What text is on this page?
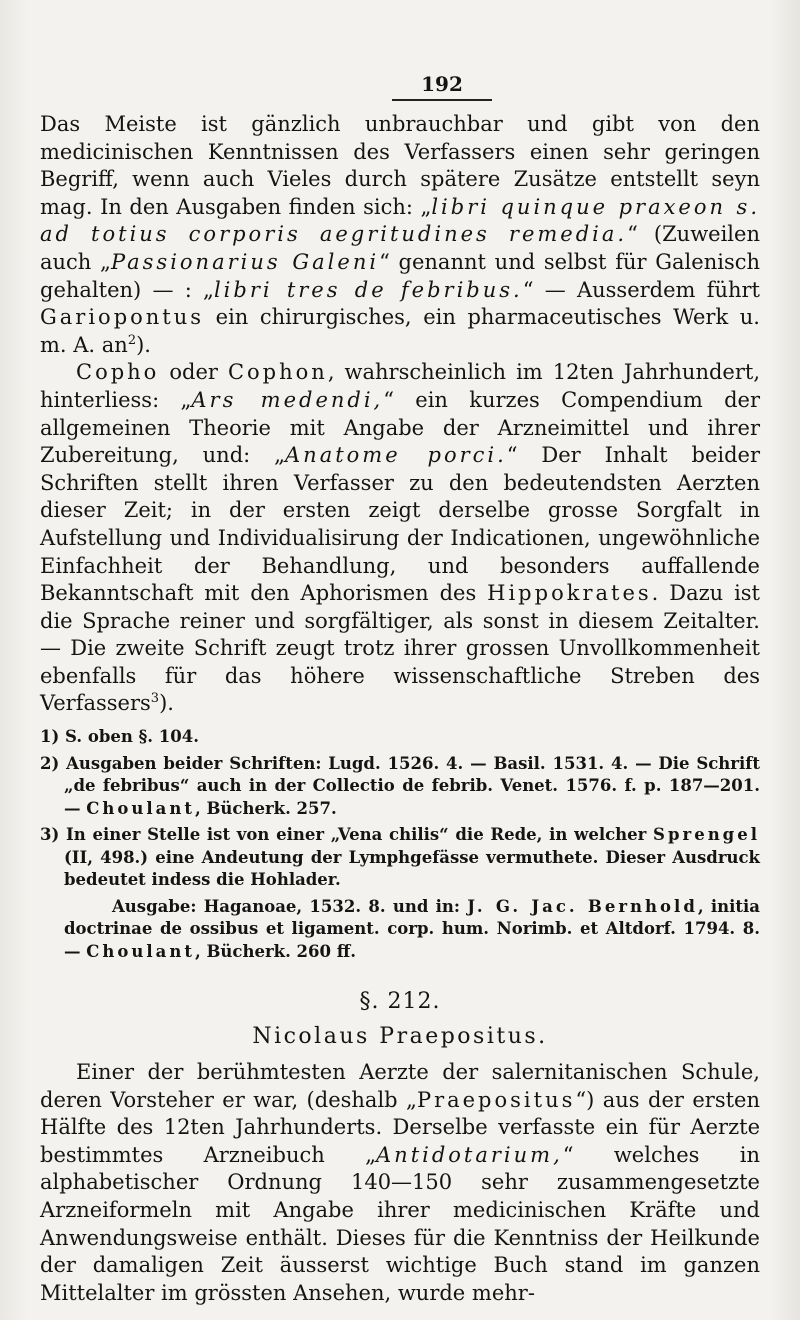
192

Das Meiste ist gänzlich unbrauchbar und gibt von den medicinischen Kenntnissen des Verfassers einen sehr geringen Begriff, wenn auch Vieles durch spätere Zusätze entstellt seyn mag. In den Ausgaben finden sich: „libri quinque praxeon s. ad totius corporis aegritudines remedia.“ (Zuweilen auch „Passionarius Galeni“ genannt und selbst für Galenisch gehalten) — : „libri tres de febribus.“ — Ausserdem führt Gariopontus ein chirurgisches, ein pharmaceutisches Werk u. m. A. $an^2$).

Copho oder Cophon, wahrscheinlich im 12ten Jahrhundert, hinterliess: „Ars medendi,“ ein kurzes Compendium der allgemeinen Theorie mit Angabe der Arzneimittel und ihrer Zubereitung, und: „Anatome porci.“ Der Inhalt beider Schriften stellt ihren Verfasser zu den bedeutendsten Aerzten dieser Zeit; in der ersten zeigt derselbe grosse Sorgfalt in Aufstellung und Individualisirung der Indicationen, ungewöhnliche Einfachheit der Behandlung, und besonders auffallende Bekanntschaft mit den Aphorismen des Hippokrates. Dazu ist die Sprache reiner und sorgfältiger, als sonst in diesem Zeitalter. — Die zweite Schrift zeugt trotz ihrer grossen Unvollkommenheit ebenfalls für das höhere wissenschaftliche Streben des Verfassers$^3$).

1) S. oben §. 104.

2) Ausgaben beider Schriften: Lugd. 1526. 4. — Basil. 1531. 4. — Die Schrift „de febribus“ auch in der Collectio de febrib. Venet. 1576. f. p. 187—201. — Choulant, Bücherk. 257.

3) In einer Stelle ist von einer „Vena chilis“ die Rede, in welcher Sprengel (II, 498.) eine Andeutung der Lymphgefässe vermuthete. Dieser Ausdruck bedeutet indess die Hohlader.

Ausgabe: Haganoae, 1532. 8. und in: J. G. Jac. Bernhold, initia doctrinae de ossibus et ligament. corp. hum. Norimb. et Altdorf. 1794. 8. — Choulant, Bücherk. 260 ff.

§. 212.
Nicolaus Praepositus.

Einer der berühmtesten Aerzte der salernitanischen Schule, deren Vorsteher er war, (deshalb „Praepositus“) aus der ersten Hälfte des 12ten Jahrhunderts. Derselbe verfasste ein für Aerzte bestimmtes Arzneibuch „Antidotarium,“ welches in alphabetischer Ordnung 140—150 sehr zusammengesetzte Arzneiformeln mit Angabe ihrer medicinischen Kräfte und Anwendungsweise enthält. Dieses für die Kenntniss der Heilkunde der damaligen Zeit äusserst wichtige Buch stand im ganzen Mittelalter im grössten Ansehen, wurde mehr-
